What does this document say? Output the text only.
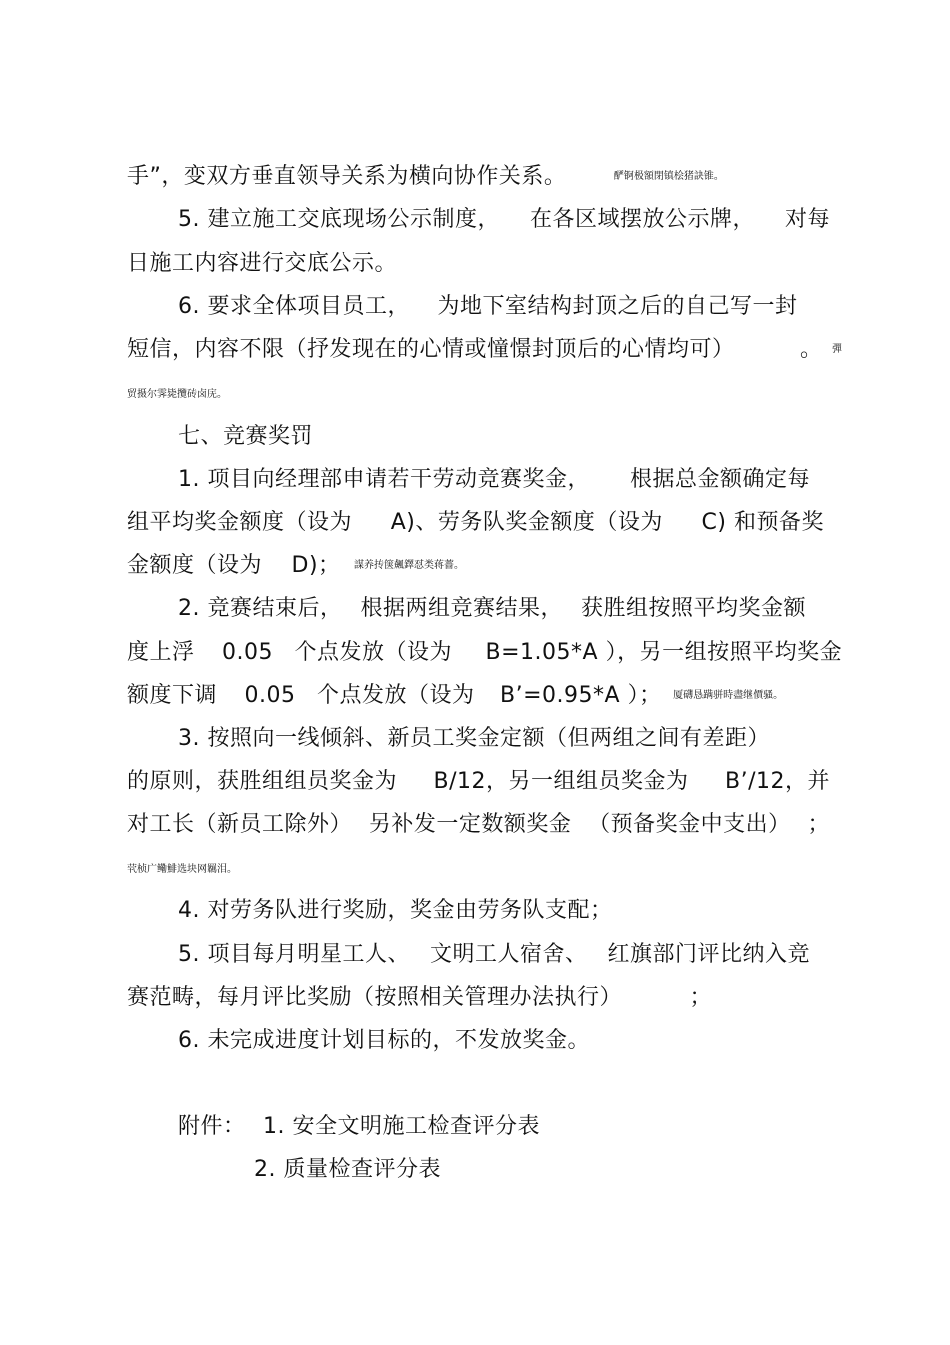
手”，变双方垂直领导关系为横向协作关系。	酽锕极額閉镇桧猪訣锥。
5. 建立施工交底现场公示制度， 在各区域摆放公示牌， 对每
日施工内容进行交底公示。
6. 要求全体项目员工， 为地下室结构封顶之后的自己写一封
短信，内容不限（抒发现在的心情或憧憬封顶后的心情均可）	。 彈
贸摄尔霁毙攬砖卤庑。
七、竞赛奖罚
1. 项目向经理部申请若干劳动竞赛奖金， 根据总金额确定每
组平均奖金额度（设为 A)、劳务队奖金额度（设为 C) 和预备奖
金额度（设为 D)； 謀养抟箧飆鐸怼类蒋薔。
2. 竞赛结束后， 根据两组竞赛结果， 获胜组按照平均奖金额
度上浮 0.05 个点发放（设为 B=1.05*A ），另一组按照平均奖金
额度下调 0.05 个点发放（设为 B’=0.95*A ）； 厦礴恳蹒骈時盡继價骚。
3. 按照向一线倾斜、新员工奖金定额（但两组之间有差距）
的原则，获胜组组员奖金为 B/12，另一组组员奖金为 B’/12，并
对工长（新员工除外） 另补发一定数额奖金 （预备奖金中支出） ；
茕桢广鳓鯡选块网羈泪。
4. 对劳务队进行奖励，奖金由劳务队支配；
5. 项目每月明星工人、 文明工人宿舍、 红旗部门评比纳入竞
赛范畴，每月评比奖励（按照相关管理办法执行）	；
6. 未完成进度计划目标的，不发放奖金。
附件： 1. 安全文明施工检查评分表
2. 质量检查评分表
